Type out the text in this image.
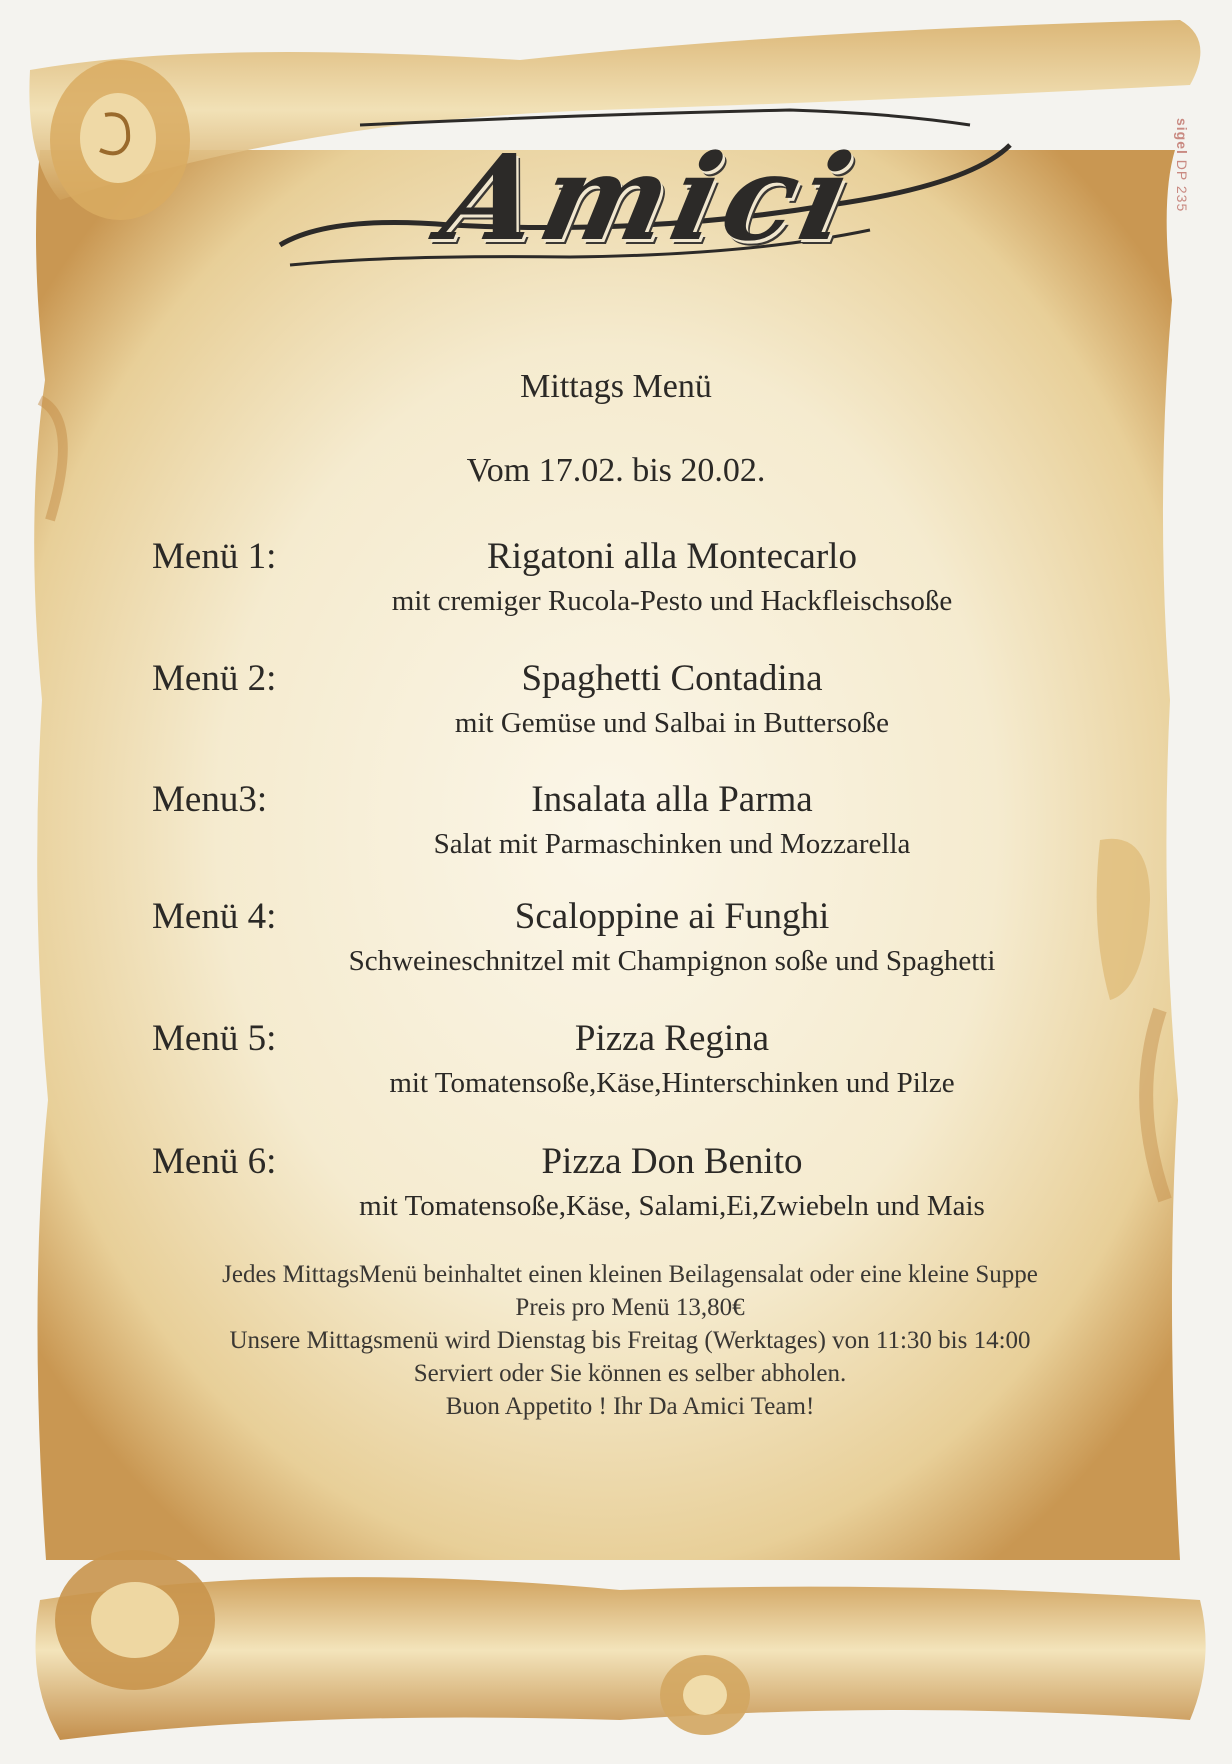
sigel DP 235
Amici
Mittags Menü
Vom 17.02. bis 20.02.
Menü 1:	Rigatoni alla Montecarlo
mit cremiger Rucola-Pesto und Hackfleischsoße
Menü 2:	Spaghetti Contadina
mit Gemüse und Salbai in Buttersoße
Menu3:	Insalata alla Parma
Salat mit Parmaschinken und Mozzarella
Menü 4:	Scaloppine ai Funghi
Schweineschnitzel mit Champignon soße und Spaghetti
Menü 5:	Pizza Regina
mit Tomatensoße,Käse,Hinterschinken und Pilze
Menü 6:	Pizza Don Benito
mit Tomatensoße,Käse, Salami,Ei,Zwiebeln und Mais
Jedes MittagsMenü beinhaltet einen kleinen Beilagensalat oder eine kleine Suppe
Preis pro Menü 13,80€
Unsere Mittagsmenü wird Dienstag bis Freitag (Werktages) von 11:30 bis 14:00
Serviert oder Sie können es selber abholen.
Buon Appetito ! Ihr Da Amici Team!
